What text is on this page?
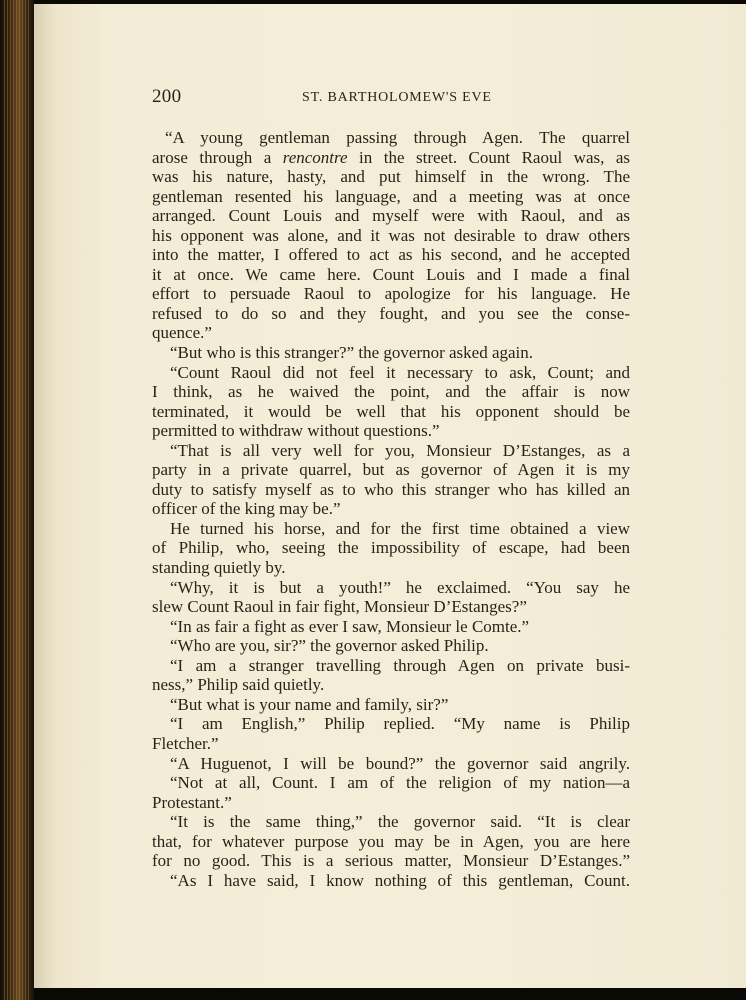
200	ST. BARTHOLOMEW'S EVE
“A young gentleman passing through Agen. The quarrel
arose through a rencontre in the street. Count Raoul was, as
was his nature, hasty, and put himself in the wrong. The
gentleman resented his language, and a meeting was at once
arranged. Count Louis and myself were with Raoul, and as
his opponent was alone, and it was not desirable to draw others
into the matter, I offered to act as his second, and he accepted
it at once. We came here. Count Louis and I made a final
effort to persuade Raoul to apologize for his language. He
refused to do so and they fought, and you see the conse-
quence.”
“But who is this stranger?” the governor asked again.
“Count Raoul did not feel it necessary to ask, Count; and
I think, as he waived the point, and the affair is now
terminated, it would be well that his opponent should be
permitted to withdraw without questions.”
“That is all very well for you, Monsieur D’Estanges, as a
party in a private quarrel, but as governor of Agen it is my
duty to satisfy myself as to who this stranger who has killed an
officer of the king may be.”
He turned his horse, and for the first time obtained a view
of Philip, who, seeing the impossibility of escape, had been
standing quietly by.
“Why, it is but a youth!” he exclaimed. “You say he
slew Count Raoul in fair fight, Monsieur D’Estanges?”
“In as fair a fight as ever I saw, Monsieur le Comte.”
“Who are you, sir?” the governor asked Philip.
“I am a stranger travelling through Agen on private busi-
ness,” Philip said quietly.
“But what is your name and family, sir?”
“I am English,” Philip replied. “My name is Philip
Fletcher.”
“A Huguenot, I will be bound?” the governor said angrily.
“Not at all, Count. I am of the religion of my nation—a
Protestant.”
“It is the same thing,” the governor said. “It is clear
that, for whatever purpose you may be in Agen, you are here
for no good. This is a serious matter, Monsieur D’Estanges.”
“As I have said, I know nothing of this gentleman, Count.
